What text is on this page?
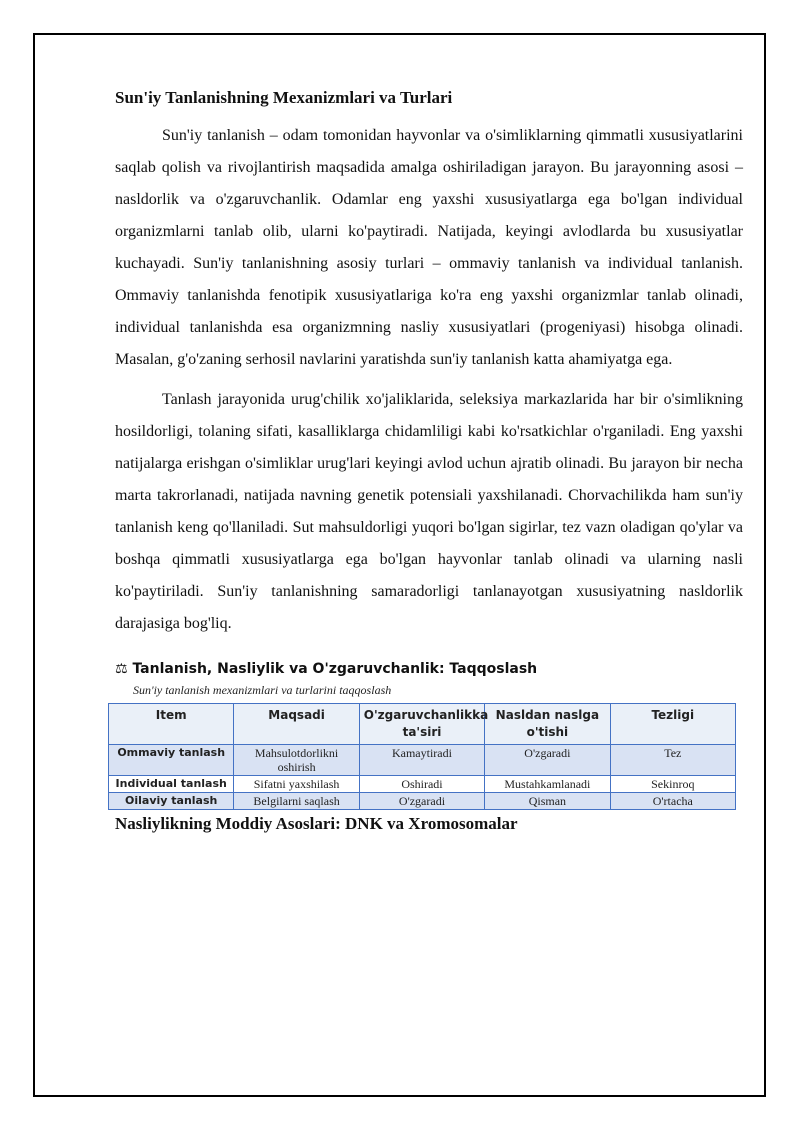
Sun'iy Tanlanishning Mexanizmlari va Turlari

Sun'iy tanlanish – odam tomonidan hayvonlar va o'simliklarning qimmatli xususiyatlarini saqlab qolish va rivojlantirish maqsadida amalga oshiriladigan jarayon. Bu jarayonning asosi – nasldorlik va o'zgaruvchanlik. Odamlar eng yaxshi xususiyatlarga ega bo'lgan individual organizmlarni tanlab olib, ularni ko'paytiradi. Natijada, keyingi avlodlarda bu xususiyatlar kuchayadi. Sun'iy tanlanishning asosiy turlari – ommaviy tanlanish va individual tanlanish. Ommaviy tanlanishda fenotipik xususiyatlariga ko'ra eng yaxshi organizmlar tanlab olinadi, individual tanlanishda esa organizmning nasliy xususiyatlari (progeniyasi) hisobga olinadi. Masalan, g'o'zaning serhosil navlarini yaratishda sun'iy tanlanish katta ahamiyatga ega.

Tanlash jarayonida urug'chilik xo'jaliklarida, seleksiya markazlarida har bir o'simlikning hosildorligi, tolaning sifati, kasalliklarga chidamliligi kabi ko'rsatkichlar o'rganiladi. Eng yaxshi natijalarga erishgan o'simliklar urug'lari keyingi avlod uchun ajratib olinadi. Bu jarayon bir necha marta takrorlanadi, natijada navning genetik potensiali yaxshilanadi. Chorvachilikda ham sun'iy tanlanish keng qo'llaniladi. Sut mahsuldorligi yuqori bo'lgan sigirlar, tez vazn oladigan qo'ylar va boshqa qimmatli xususiyatlarga ega bo'lgan hayvonlar tanlab olinadi va ularning nasli ko'paytiriladi. Sun'iy tanlanishning samaradorligi tanlanayotgan xususiyatning nasldorlik darajasiga bog'liq.

⚖ Tanlanish, Nasliylik va O'zgaruvchanlik: Taqqoslash
Sun'iy tanlanish mexanizmlari va turlarini taqqoslash
Item	Maqsadi	O'zgaruvchanlikka ta'siri	Nasldan naslga o'tishi	Tezligi
Ommaviy tanlash	Mahsulotdorlikni oshirish	Kamaytiradi	O'zgaradi	Tez
Individual tanlash	Sifatni yaxshilash	Oshiradi	Mustahkamlanadi	Sekinroq
Oilaviy tanlash	Belgilarni saqlash	O'zgaradi	Qisman	O'rtacha
Nasliylikning Moddiy Asoslari: DNK va Xromosomalar
